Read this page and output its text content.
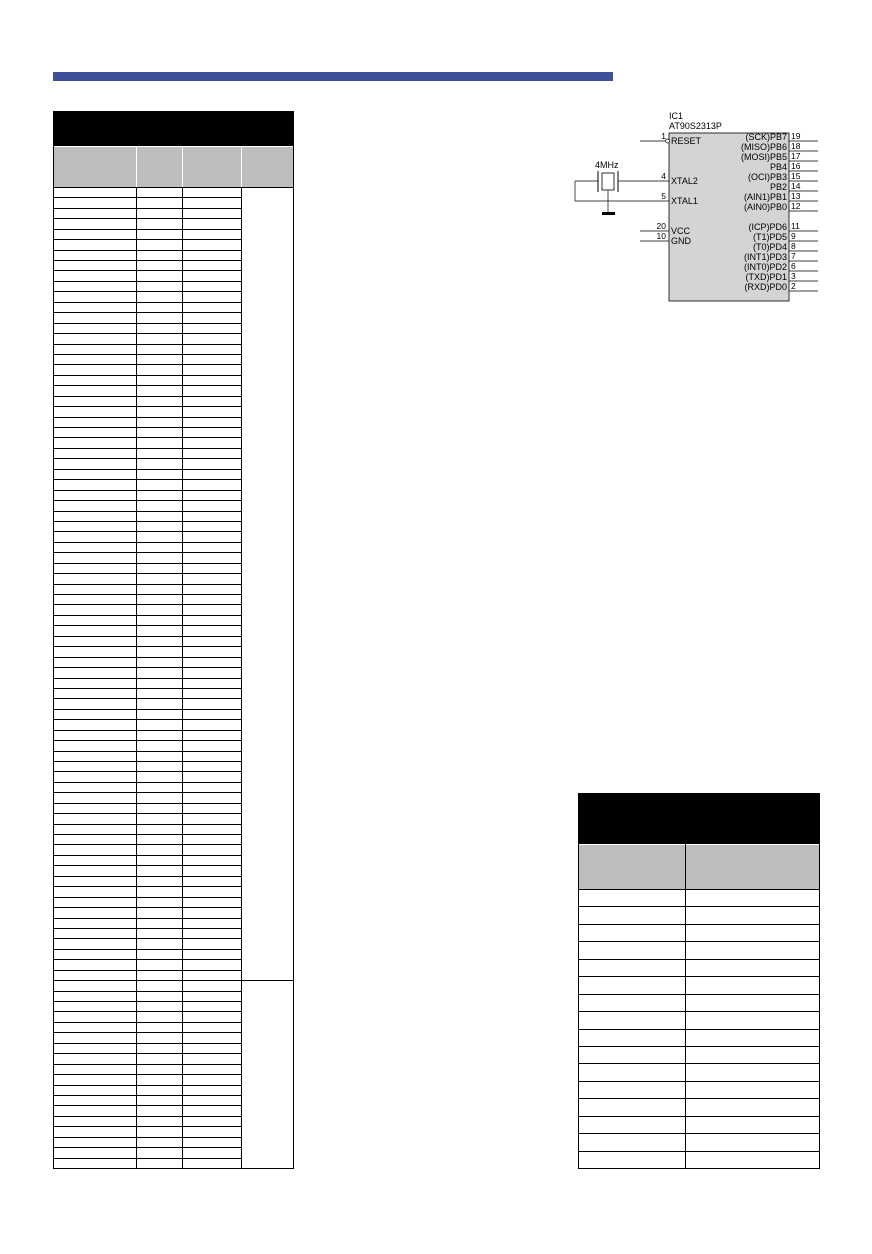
IC1
AT90S2313P
4MHz
1 RESET
4 XTAL2
5 XTAL1
20 VCC
10 GND
19
(SCK)PB7
18
(MISO)PB6
17
(MOSI)PB5
16
PB4
15
(OCI)PB3
14
PB2
13
(AIN1)PB1
12
(AIN0)PB0
11
(ICP)PD6
9
(T1)PD5
8
(T0)PD4
7
(INT1)PD3
6
(INT0)PD2
3
(TXD)PD1
2
(RXD)PD0
